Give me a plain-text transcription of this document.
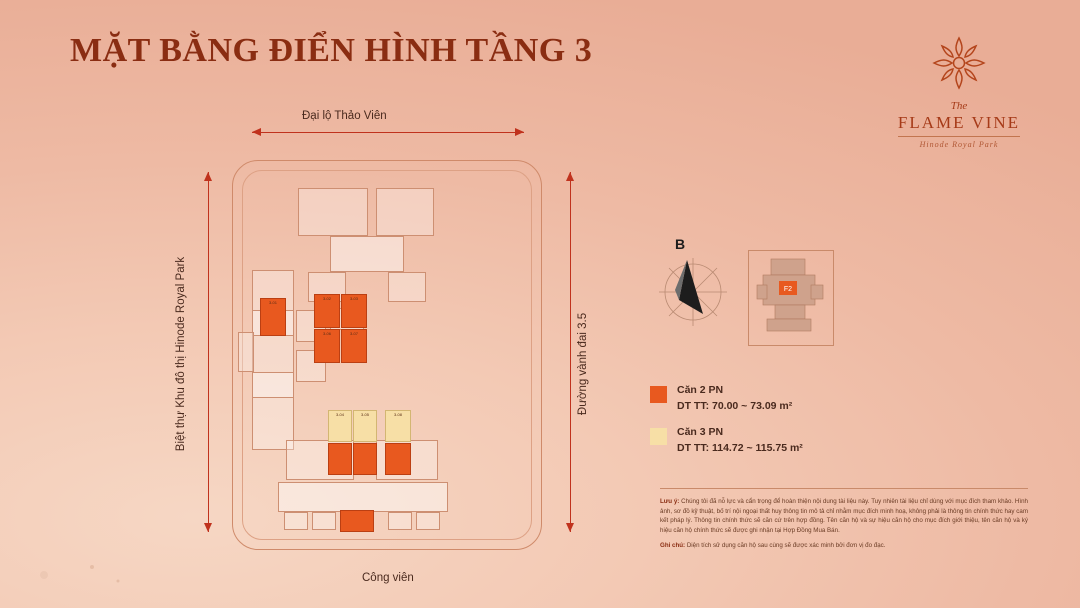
MẶT BẰNG ĐIỂN HÌNH TẦNG 3
The
FLAME VINE
Hinode Royal Park
Đại lộ Thảo Viên
Biệt thự Khu đô thị Hinode Royal Park	Đường vành đai 3.5
3-01
3-02	3-03
3-06	3-07
3-04	3-05	3-08
Công viên
B
F2
Căn 2 PN
DT TT: 70.00 ~ 73.09 m²
Căn 3 PN
DT TT: 114.72 ~ 115.75 m²

Lưu ý: Chúng tôi đã nỗ lực và cẩn trọng để hoàn thiện nội dung tài liệu này. Tuy nhiên tài liệu chỉ dùng với mục đích tham khảo. Hình ảnh, sơ đồ kỹ thuật, bố trí nội ngoại thất huy thông tin mô tả chỉ nhằm mục đích minh hoạ, không phải là thông tin chính thức hay cam kết pháp lý. Thông tin chính thức sẽ căn cứ trên hợp đồng. Tên căn hộ và sự hiệu căn hộ cho mục đích giới thiệu, tên căn hộ và ký hiệu căn hộ chính thức sẽ được ghi nhận tại Hợp Đồng Mua Bán.

Ghi chú: Diện tích sử dụng căn hộ sau cùng sẽ được xác minh bởi đơn vị đo đạc.
